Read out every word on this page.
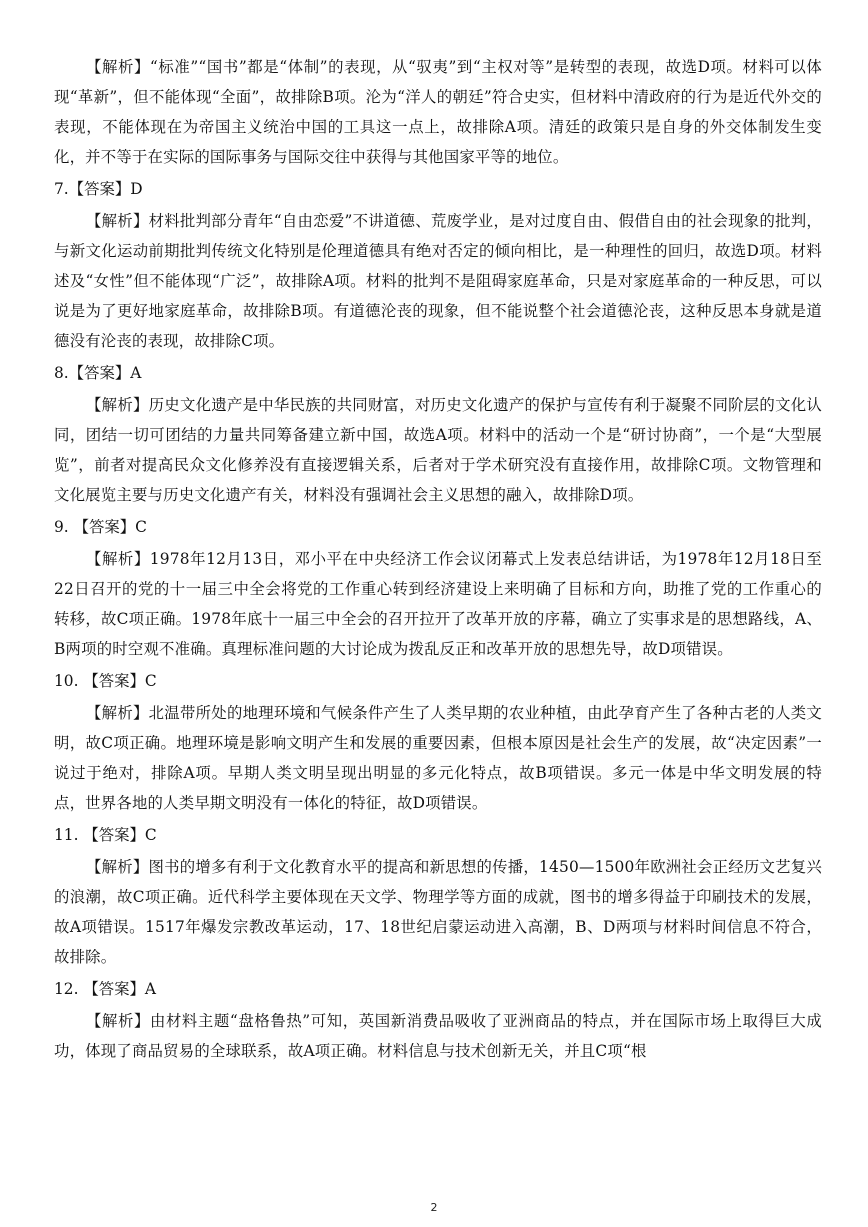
【解析】“标准”“国书”都是“体制”的表现，从“驭夷”到“主权对等”是转型的表现，故选D项。材料可以体现“革新”，但不能体现“全面”，故排除B项。沦为“洋人的朝廷”符合史实，但材料中清政府的行为是近代外交的表现，不能体现在为帝国主义统治中国的工具这一点上，故排除A项。清廷的政策只是自身的外交体制发生变化，并不等于在实际的国际事务与国际交往中获得与其他国家平等的地位。

7.【答案】D

【解析】材料批判部分青年“自由恋爱”不讲道德、荒废学业，是对过度自由、假借自由的社会现象的批判，与新文化运动前期批判传统文化特别是伦理道德具有绝对否定的倾向相比，是一种理性的回归，故选D项。材料述及“女性”但不能体现“广泛”，故排除A项。材料的批判不是阻碍家庭革命，只是对家庭革命的一种反思，可以说是为了更好地家庭革命，故排除B项。有道德沦丧的现象，但不能说整个社会道德沦丧，这种反思本身就是道德没有沦丧的表现，故排除C项。

8.【答案】A

【解析】历史文化遗产是中华民族的共同财富，对历史文化遗产的保护与宣传有利于凝聚不同阶层的文化认同，团结一切可团结的力量共同筹备建立新中国，故选A项。材料中的活动一个是“研讨协商”，一个是“大型展览”，前者对提高民众文化修养没有直接逻辑关系，后者对于学术研究没有直接作用，故排除C项。文物管理和文化展览主要与历史文化遗产有关，材料没有强调社会主义思想的融入，故排除D项。

9. 【答案】C

【解析】1978年12月13日，邓小平在中央经济工作会议闭幕式上发表总结讲话，为1978年12月18日至22日召开的党的十一届三中全会将党的工作重心转到经济建设上来明确了目标和方向，助推了党的工作重心的转移，故C项正确。1978年底十一届三中全会的召开拉开了改革开放的序幕，确立了实事求是的思想路线，A、B两项的时空观不准确。真理标准问题的大讨论成为拨乱反正和改革开放的思想先导，故D项错误。

10. 【答案】C

【解析】北温带所处的地理环境和气候条件产生了人类早期的农业种植，由此孕育产生了各种古老的人类文明，故C项正确。地理环境是影响文明产生和发展的重要因素，但根本原因是社会生产的发展，故“决定因素”一说过于绝对，排除A项。早期人类文明呈现出明显的多元化特点，故B项错误。多元一体是中华文明发展的特点，世界各地的人类早期文明没有一体化的特征，故D项错误。

11. 【答案】C

【解析】图书的增多有利于文化教育水平的提高和新思想的传播，1450—1500年欧洲社会正经历文艺复兴的浪潮，故C项正确。近代科学主要体现在天文学、物理学等方面的成就，图书的增多得益于印刷技术的发展，故A项错误。1517年爆发宗教改革运动，17、18世纪启蒙运动进入高潮，B、D两项与材料时间信息不符合，故排除。

12. 【答案】A

【解析】由材料主题“盘格鲁热”可知，英国新消费品吸收了亚洲商品的特点，并在国际市场上取得巨大成功，体现了商品贸易的全球联系，故A项正确。材料信息与技术创新无关，并且C项“根

2
